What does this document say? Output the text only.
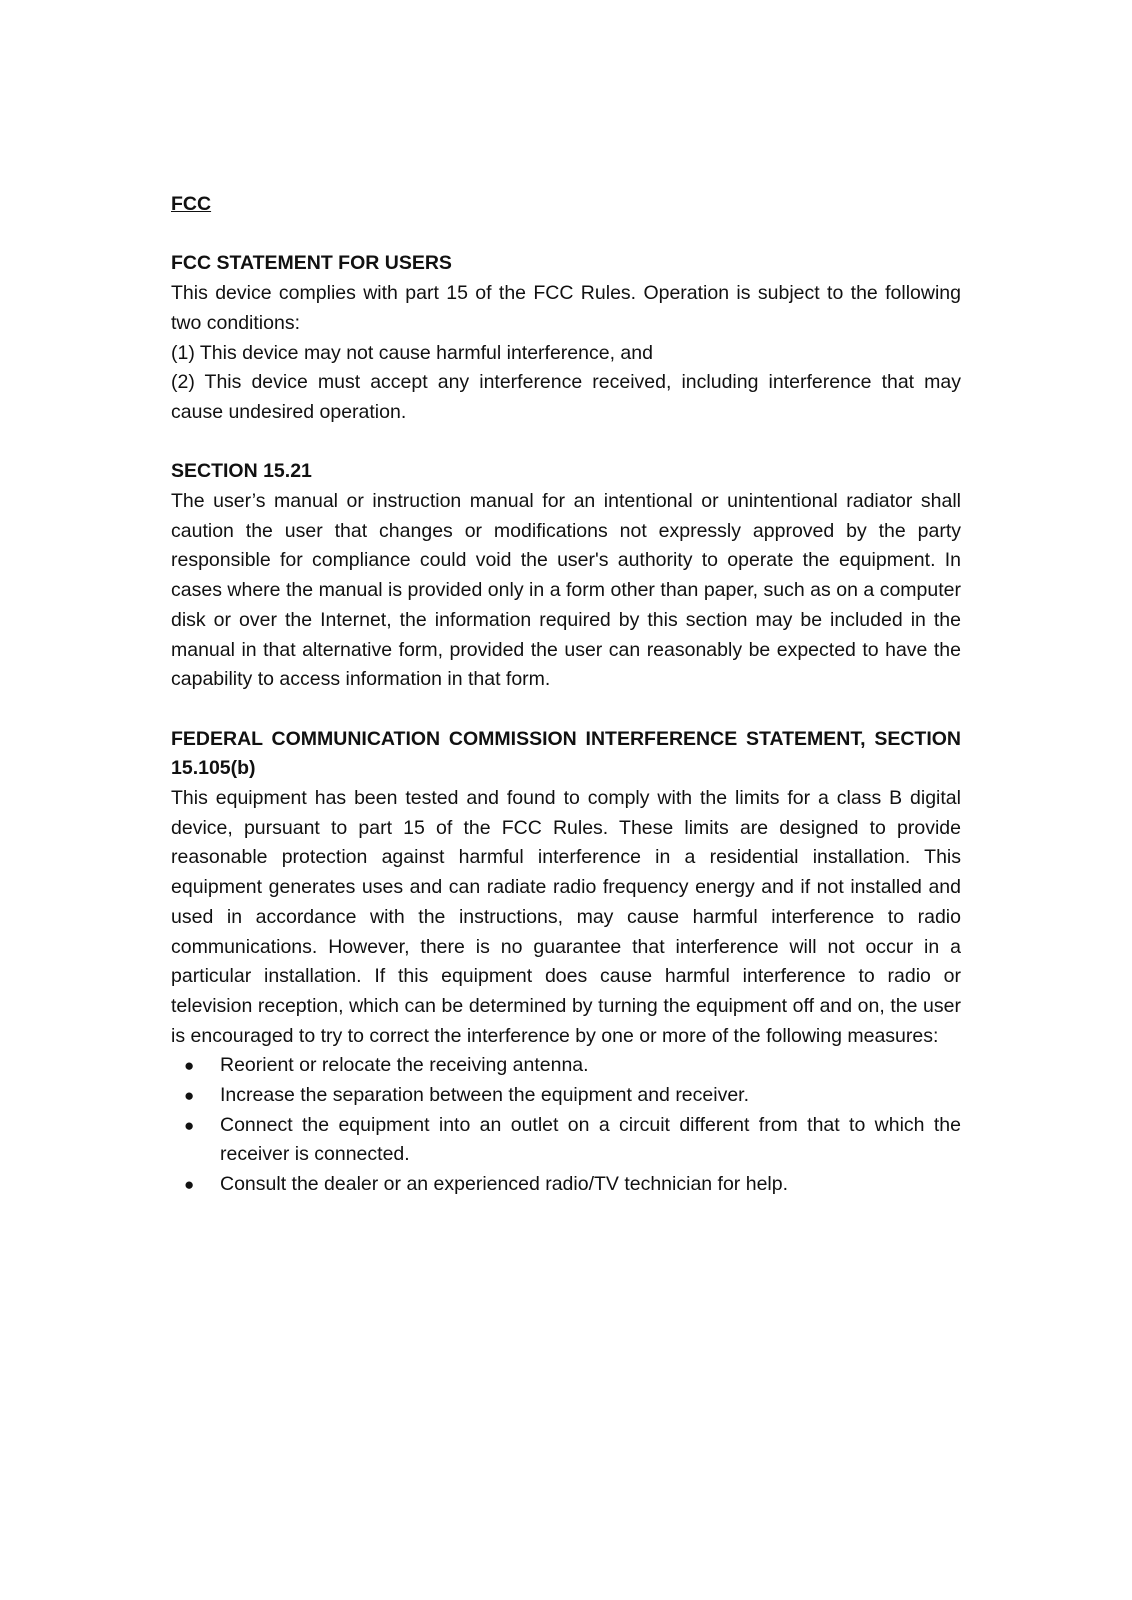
FCC
FCC STATEMENT FOR USERS

This device complies with part 15 of the FCC Rules. Operation is subject to the following two conditions:

(1) This device may not cause harmful interference, and

(2) This device must accept any interference received, including interference that may cause undesired operation.

SECTION 15.21

The user’s manual or instruction manual for an intentional or unintentional radiator shall caution the user that changes or modifications not expressly approved by the party responsible for compliance could void the user's authority to operate the equipment. In cases where the manual is provided only in a form other than paper, such as on a computer disk or over the Internet, the information required by this section may be included in the manual in that alternative form, provided the user can reasonably be expected to have the capability to access information in that form.

FEDERAL COMMUNICATION COMMISSION INTERFERENCE STATEMENT, SECTION 15.105(b)

This equipment has been tested and found to comply with the limits for a class B digital device, pursuant to part 15 of the FCC Rules. These limits are designed to provide reasonable protection against harmful interference in a residential installation. This equipment generates uses and can radiate radio frequency energy and if not installed and used in accordance with the instructions, may cause harmful interference to radio communications. However, there is no guarantee that interference will not occur in a particular installation. If this equipment does cause harmful interference to radio or television reception, which can be determined by turning the equipment off and on, the user is encouraged to try to correct the interference by one or more of the following measures:

● Reorient or relocate the receiving antenna.
● Increase the separation between the equipment and receiver.
● Connect the equipment into an outlet on a circuit different from that to which the receiver is connected.
● Consult the dealer or an experienced radio/TV technician for help.
